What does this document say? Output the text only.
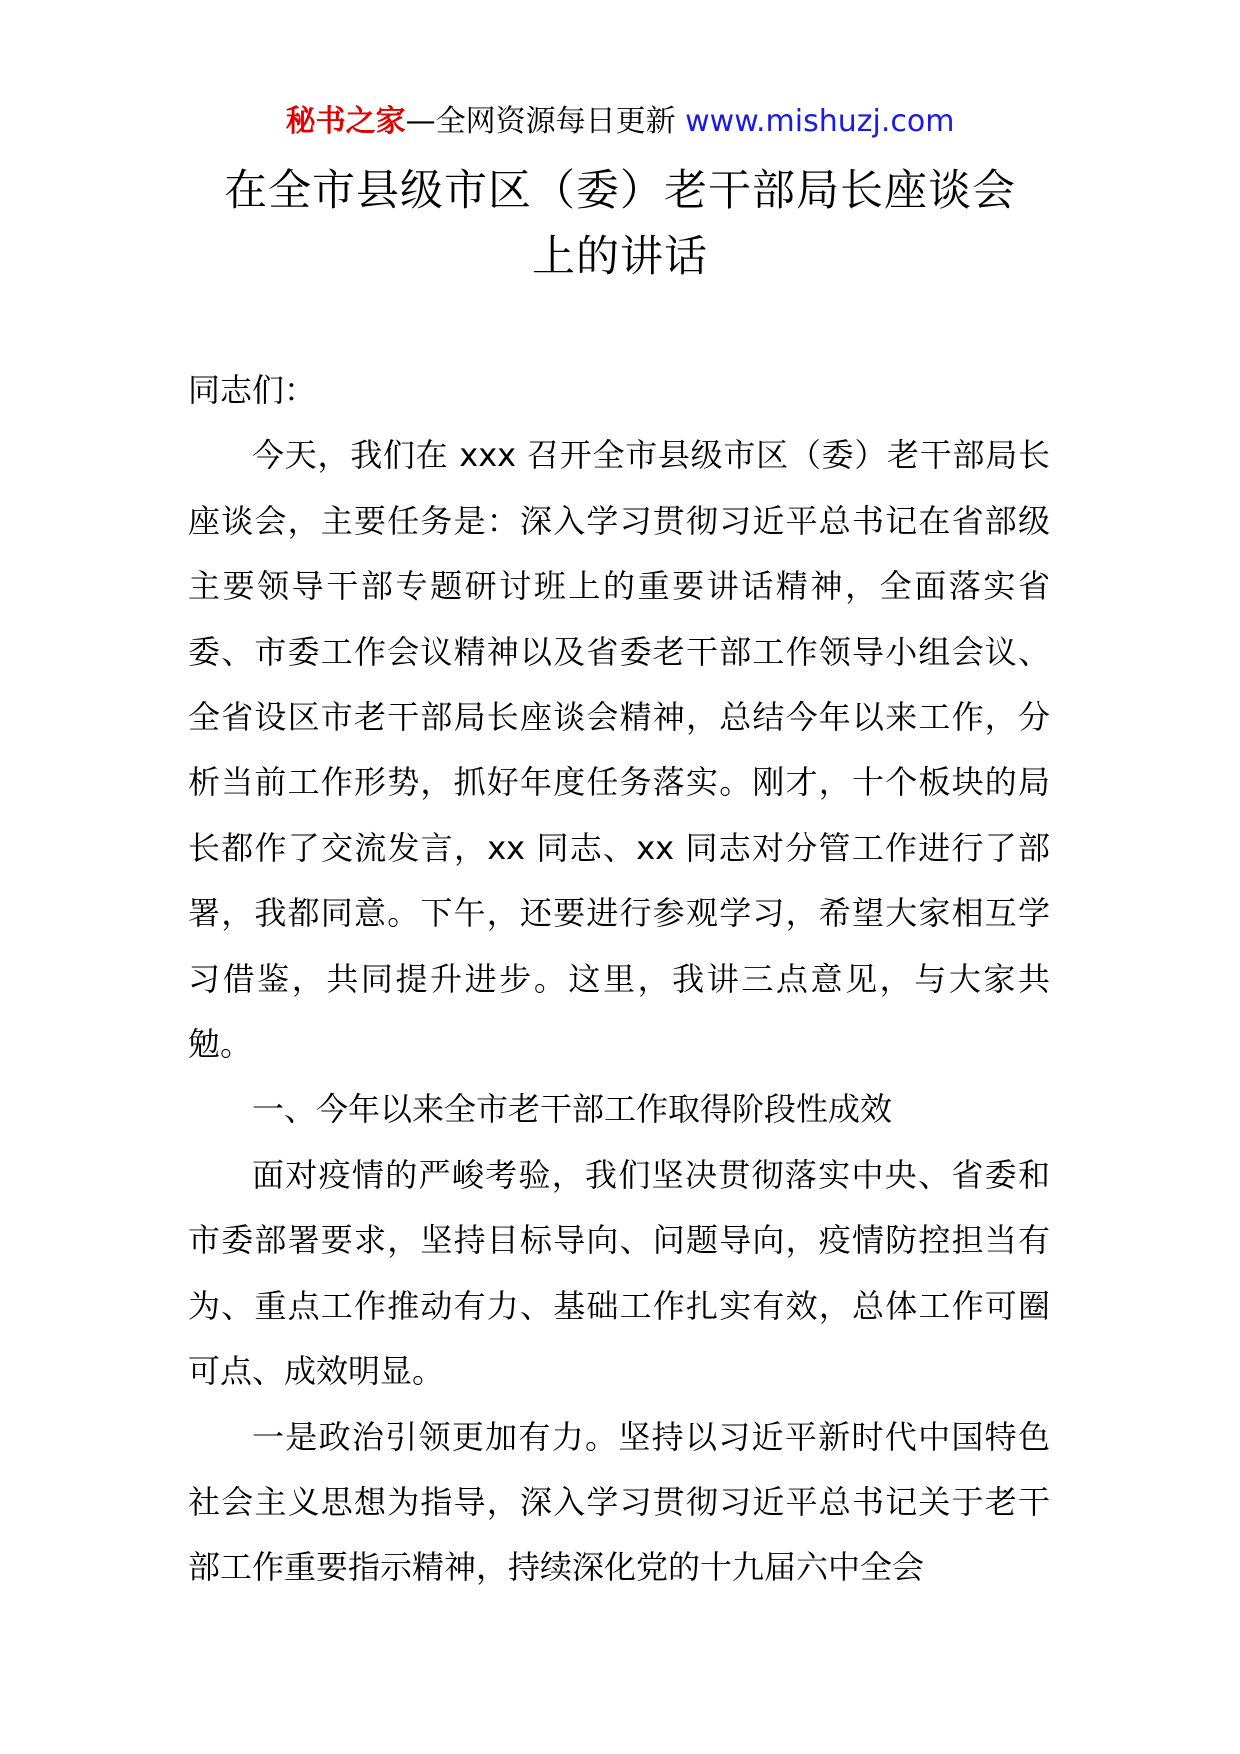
秘书之家—全网资源每日更新 www.mishuzj.com
在全市县级市区（委）老干部局长座谈会
上的讲话

同志们：

今天，我们在 xxx 召开全市县级市区（委）老干部局长座谈会，主要任务是：深入学习贯彻习近平总书记在省部级主要领导干部专题研讨班上的重要讲话精神，全面落实省委、市委工作会议精神以及省委老干部工作领导小组会议、全省设区市老干部局长座谈会精神，总结今年以来工作，分析当前工作形势，抓好年度任务落实。刚才，十个板块的局长都作了交流发言，xx 同志、xx 同志对分管工作进行了部署，我都同意。下午，还要进行参观学习，希望大家相互学习借鉴，共同提升进步。这里，我讲三点意见，与大家共勉。

一、今年以来全市老干部工作取得阶段性成效

面对疫情的严峻考验，我们坚决贯彻落实中央、省委和市委部署要求，坚持目标导向、问题导向，疫情防控担当有为、重点工作推动有力、基础工作扎实有效，总体工作可圈可点、成效明显。

一是政治引领更加有力。坚持以习近平新时代中国特色社会主义思想为指导，深入学习贯彻习近平总书记关于老干部工作重要指示精神，持续深化党的十九届六中全会
